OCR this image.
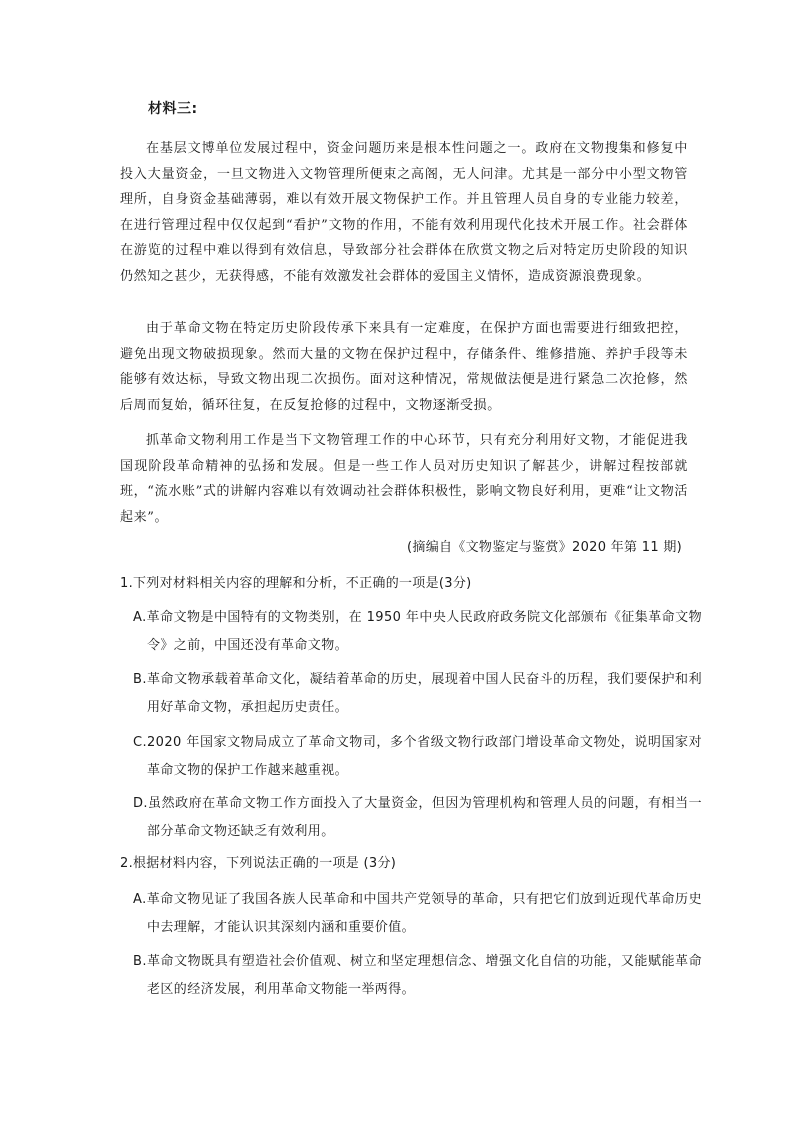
材料三:

在基层文博单位发展过程中，资金问题历来是根本性问题之一。政府在文物搜集和修复中投入大量资金，一旦文物进入文物管理所便束之高阁，无人问津。尤其是一部分中小型文物管理所，自身资金基础薄弱，难以有效开展文物保护工作。并且管理人员自身的专业能力较差，在进行管理过程中仅仅起到“看护”文物的作用，不能有效利用现代化技术开展工作。社会群体在游览的过程中难以得到有效信息，导致部分社会群体在欣赏文物之后对特定历史阶段的知识仍然知之甚少，无获得感，不能有效激发社会群体的爱国主义情怀，造成资源浪费现象。

由于革命文物在特定历史阶段传承下来具有一定难度，在保护方面也需要进行细致把控，避免出现文物破损现象。然而大量的文物在保护过程中，存储条件、维修措施、养护手段等未能够有效达标，导致文物出现二次损伤。面对这种情况，常规做法便是进行紧急二次抢修，然后周而复始，循环往复，在反复抢修的过程中，文物逐渐受损。

抓革命文物利用工作是当下文物管理工作的中心环节，只有充分利用好文物，才能促进我国现阶段革命精神的弘扬和发展。但是一些工作人员对历史知识了解甚少，讲解过程按部就班，“流水账”式的讲解内容难以有效调动社会群体积极性，影响文物良好利用，更难“让文物活起来”。

(摘编自《文物鉴定与鉴赏》2020 年第 11 期)
1.下列对材料相关内容的理解和分析，不正确的一项是(3分)
A.革命文物是中国特有的文物类别，在 1950 年中央人民政府政务院文化部颁布《征集革命文物令》之前，中国还没有革命文物。
B.革命文物承载着革命文化，凝结着革命的历史，展现着中国人民奋斗的历程，我们要保护和利用好革命文物，承担起历史责任。
C.2020 年国家文物局成立了革命文物司，多个省级文物行政部门增设革命文物处，说明国家对革命文物的保护工作越来越重视。
D.虽然政府在革命文物工作方面投入了大量资金，但因为管理机构和管理人员的问题，有相当一部分革命文物还缺乏有效利用。
2.根据材料内容，下列说法正确的一项是 (3分)
A.革命文物见证了我国各族人民革命和中国共产党领导的革命，只有把它们放到近现代革命历史中去理解，才能认识其深刻内涵和重要价值。
B.革命文物既具有塑造社会价值观、树立和坚定理想信念、增强文化自信的功能，又能赋能革命老区的经济发展，利用革命文物能一举两得。
